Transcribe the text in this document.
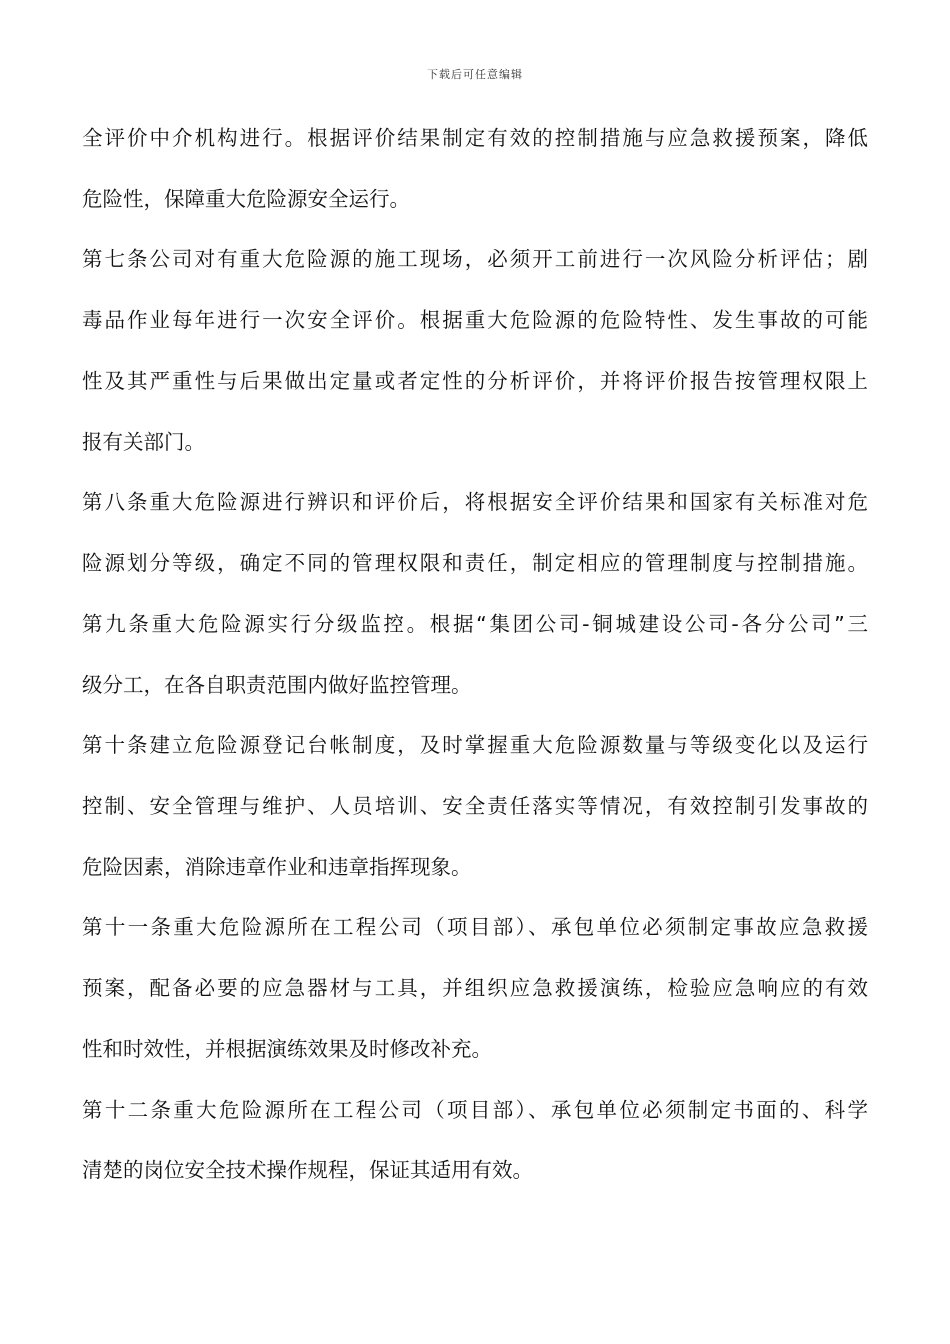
下载后可任意编辑
全评价中介机构进行。根据评价结果制定有效的控制措施与应急救援预案，降低
危险性，保障重大危险源安全运行。
第七条公司对有重大危险源的施工现场，必须开工前进行一次风险分析评估；剧
毒品作业每年进行一次安全评价。根据重大危险源的危险特性、发生事故的可能
性及其严重性与后果做出定量或者定性的分析评价，并将评价报告按管理权限上
报有关部门。
第八条重大危险源进行辨识和评价后，将根据安全评价结果和国家有关标准对危
险源划分等级，确定不同的管理权限和责任，制定相应的管理制度与控制措施。
第九条重大危险源实行分级监控。根据“集团公司-铜城建设公司-各分公司”三
级分工，在各自职责范围内做好监控管理。
第十条建立危险源登记台帐制度，及时掌握重大危险源数量与等级变化以及运行
控制、安全管理与维护、人员培训、安全责任落实等情况，有效控制引发事故的
危险因素，消除违章作业和违章指挥现象。
第十一条重大危险源所在工程公司（项目部）、承包单位必须制定事故应急救援
预案，配备必要的应急器材与工具，并组织应急救援演练，检验应急响应的有效
性和时效性，并根据演练效果及时修改补充。
第十二条重大危险源所在工程公司（项目部）、承包单位必须制定书面的、科学
清楚的岗位安全技术操作规程，保证其适用有效。
